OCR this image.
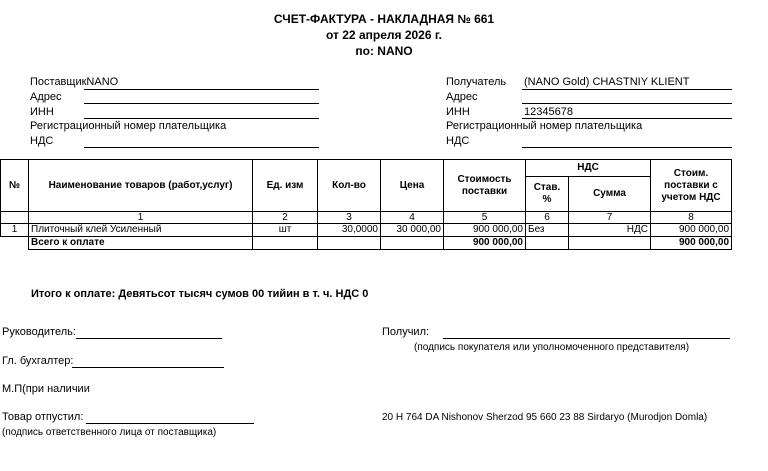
СЧЕТ-ФАКТУРА - НАКЛАДНАЯ № 661
от 22 апреля 2026 г.
по: NANO
ПоставщикNANO
Адрес
ИНН
Регистрационный номер плательщика
НДС
Получатель (NANO Gold) CHASTNIY KLIENT
Адрес
ИНН	12345678
Регистрационный номер плательщика
НДС
№	Наименование товаров (работ,услуг)	Ед. изм	Кол-во	Цена	Стоимость поставки	НДС		Стоим. поставки с учетом НДС
						Став. %	Сумма	
	1	2	3	4	5	6	7	8
1	Плиточный клей Усиленный	шт	30,0000	30 000,00	900 000,00	Без	НДС	900 000,00
	Всего к оплате				900 000,00			900 000,00
Итого к оплате: Девятьсот тысяч сумов 00 тийин в т. ч. НДС 0
Руководитель:
Гл. бухгалтер:
М.П(при наличии
Товар отпустил:
(подпись ответственного лица от поставщика)
Получил:
(подпись покупателя или уполномоченного представителя)
20 H 764 DA Nishonov Sherzod 95 660 23 88 Sirdaryo (Murodjon Domla)
